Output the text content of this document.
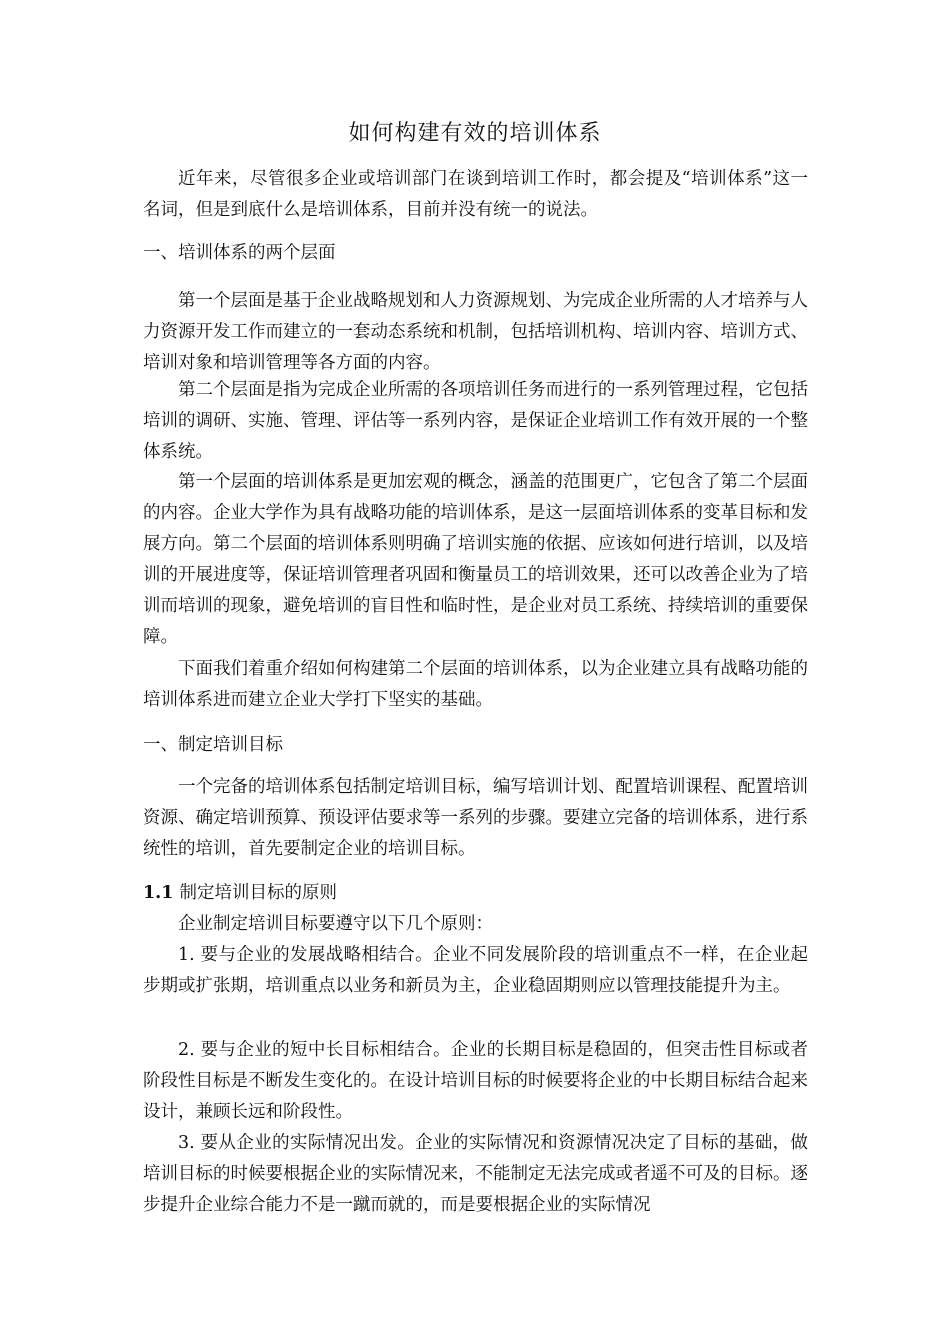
如何构建有效的培训体系
近年来，尽管很多企业或培训部门在谈到培训工作时，都会提及“培训体系”这一名词，但是到底什么是培训体系，目前并没有统一的说法。
一、培训体系的两个层面
第一个层面是基于企业战略规划和人力资源规划、为完成企业所需的人才培养与人力资源开发工作而建立的一套动态系统和机制，包括培训机构、培训内容、培训方式、培训对象和培训管理等各方面的内容。
第二个层面是指为完成企业所需的各项培训任务而进行的一系列管理过程，它包括培训的调研、实施、管理、评估等一系列内容，是保证企业培训工作有效开展的一个整体系统。
第一个层面的培训体系是更加宏观的概念，涵盖的范围更广，它包含了第二个层面的内容。企业大学作为具有战略功能的培训体系，是这一层面培训体系的变革目标和发展方向。第二个层面的培训体系则明确了培训实施的依据、应该如何进行培训，以及培训的开展进度等，保证培训管理者巩固和衡量员工的培训效果，还可以改善企业为了培训而培训的现象，避免培训的盲目性和临时性，是企业对员工系统、持续培训的重要保障。
下面我们着重介绍如何构建第二个层面的培训体系，以为企业建立具有战略功能的培训体系进而建立企业大学打下坚实的基础。
一、制定培训目标
一个完备的培训体系包括制定培训目标，编写培训计划、配置培训课程、配置培训资源、确定培训预算、预设评估要求等一系列的步骤。要建立完备的培训体系，进行系统性的培训，首先要制定企业的培训目标。
1.1 制定培训目标的原则
企业制定培训目标要遵守以下几个原则：
1. 要与企业的发展战略相结合。企业不同发展阶段的培训重点不一样，在企业起步期或扩张期，培训重点以业务和新员为主，企业稳固期则应以管理技能提升为主。
2. 要与企业的短中长目标相结合。企业的长期目标是稳固的，但突击性目标或者阶段性目标是不断发生变化的。在设计培训目标的时候要将企业的中长期目标结合起来设计，兼顾长远和阶段性。
3. 要从企业的实际情况出发。企业的实际情况和资源情况决定了目标的基础，做培训目标的时候要根据企业的实际情况来，不能制定无法完成或者遥不可及的目标。逐步提升企业综合能力不是一蹴而就的，而是要根据企业的实际情况
